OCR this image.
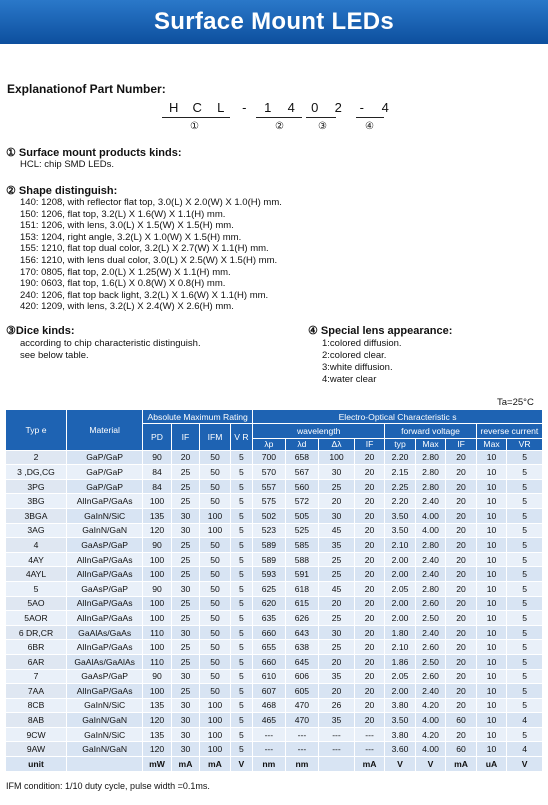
Surface Mount LEDs
Explanationof Part Number:
H C L - 1 4 0 2 - 4
①	②	③	④
① Surface mount products kinds:
HCL: chip SMD LEDs.
② Shape distinguish:
140: 1208, with reflector flat top, 3.0(L) X 2.0(W) X 1.0(H) mm.
150: 1206, flat top, 3.2(L) X 1.6(W) X 1.1(H) mm.
151: 1206, with lens, 3.0(L) X 1.5(W) X 1.5(H) mm.
153: 1204, right angle, 3.2(L) X 1.0(W) X 1.5(H) mm.
155: 1210, flat top dual color, 3.2(L) X 2.7(W) X 1.1(H) mm.
156: 1210, with lens dual color, 3.0(L) X 2.5(W) X 1.5(H) mm.
170: 0805, flat top, 2.0(L) X 1.25(W) X 1.1(H) mm.
190: 0603, flat top, 1.6(L) X 0.8(W) X 0.8(H) mm.
240: 1206, flat top back light, 3.2(L) X 1.6(W) X 1.1(H) mm.
420: 1209, with lens, 3.2(L) X 2.4(W) X 2.6(H) mm.
③Dice kinds:
according to chip characteristic distinguish.
see below table.
④ Special lens appearance:
1:colored diffusion.
2:colored clear.
3:white diffusion.
4:water clear
Ta=25°C
Typ e	Material	Absolute Maximum Rating				Electro-Optical Characteristic s								
		PD	IF	IFM	V R	wavelength				forward voltage			reverse current	
						λp	λd	Δλ	IF	typ	Max	IF	Max	VR
2	GaP/GaP	90	20	50	5	700	658	100	20	2.20	2.80	20	10	5
3 ,DG,CG	GaP/GaP	84	25	50	5	570	567	30	20	2.15	2.80	20	10	5
3PG	GaP/GaP	84	25	50	5	557	560	25	20	2.25	2.80	20	10	5
3BG	AlInGaP/GaAs	100	25	50	5	575	572	20	20	2.20	2.40	20	10	5
3BGA	GaInN/SiC	135	30	100	5	502	505	30	20	3.50	4.00	20	10	5
3AG	GaInN/GaN	120	30	100	5	523	525	45	20	3.50	4.00	20	10	5
4	GaAsP/GaP	90	25	50	5	589	585	35	20	2.10	2.80	20	10	5
4AY	AlInGaP/GaAs	100	25	50	5	589	588	25	20	2.00	2.40	20	10	5
4AYL	AlInGaP/GaAs	100	25	50	5	593	591	25	20	2.00	2.40	20	10	5
5	GaAsP/GaP	90	30	50	5	625	618	45	20	2.05	2.80	20	10	5
5AO	AlInGaP/GaAs	100	25	50	5	620	615	20	20	2.00	2.60	20	10	5
5AOR	AlInGaP/GaAs	100	25	50	5	635	626	25	20	2.00	2.50	20	10	5
6 DR,CR	GaAlAs/GaAs	110	30	50	5	660	643	30	20	1.80	2.40	20	10	5
6BR	AlInGaP/GaAs	100	25	50	5	655	638	25	20	2.10	2.60	20	10	5
6AR	GaAlAs/GaAlAs	110	25	50	5	660	645	20	20	1.86	2.50	20	10	5
7	GaAsP/GaP	90	30	50	5	610	606	35	20	2.05	2.60	20	10	5
7AA	AlInGaP/GaAs	100	25	50	5	607	605	20	20	2.00	2.40	20	10	5
8CB	GaInN/SiC	135	30	100	5	468	470	26	20	3.80	4.20	20	10	5
8AB	GaInN/GaN	120	30	100	5	465	470	35	20	3.50	4.00	60	10	4
9CW	GaInN/SiC	135	30	100	5	---	---	---	---	3.80	4.20	20	10	5
9AW	GaInN/GaN	120	30	100	5	---	---	---	---	3.60	4.00	60	10	4
unit		mW	mA	mA	V	nm	nm		mA	V	V	mA	uA	V
IFM condition: 1/10 duty cycle, pulse width =0.1ms.
